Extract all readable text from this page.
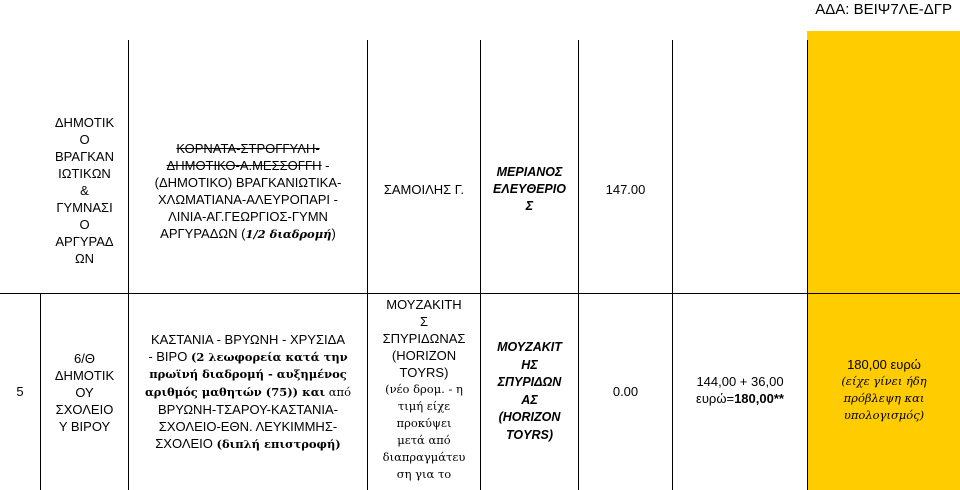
ΑΔΑ: ΒΕΙΨ7ΛΕ-ΔΓΡ
ΔΗΜΟΤΙΚ
Ο
ΒΡΑΓΚΑΝ
ΙΩΤΙΚΩΝ
&
ΓΥΜΝΑΣΙ
Ο
ΑΡΓΥΡΑΔ
ΩΝ
ΚΟΡΝΑΤΑ-ΣΤΡΟΓΓΥΛΗ-
ΔΗΜΟΤΙΚΟ-Α.ΜΕΣΣΟΓΓΗ -
(ΔΗΜΟΤΙΚΟ) ΒΡΑΓΚΑΝΙΩΤΙΚΑ-
ΧΛΩΜΑΤΙΑΝΑ-ΑΛΕΥΡΟΠΑΡΙ -
ΛΙΝΙΑ-ΑΓ.ΓΕΩΡΓΙΟΣ-ΓΥΜΝ
ΑΡΓΥΡΑΔΩΝ (1/2 διαδρομή)
ΣΑΜΟΙΛΗΣ Γ.
ΜΕΡΙΑΝΟΣ
ΕΛΕΥΘΕΡΙΟ
Σ
147.00
5
6/Θ
ΔΗΜΟΤΙΚ
ΟΥ
ΣΧΟΛΕΙΟ
Υ ΒΙΡΟΥ
ΚΑΣΤΑΝΙΑ - ΒΡΥΩΝΗ - ΧΡΥΣΙΔΑ
- ΒΙΡΟ (2 λεωφορεία κατά την
πρωϊνή διαδρομή - αυξημένος
αριθμός μαθητών (75)) και από
ΒΡΥΩΝΗ-ΤΣΑΡΟΥ-ΚΑΣΤΑΝΙΑ-
ΣΧΟΛΕΙΟ-ΕΘΝ. ΛΕΥΚΙΜΜΗΣ-
ΣΧΟΛΕΙΟ (διπλή επιστροφή)
ΜΟΥΖΑΚΙΤΗ
Σ
ΣΠΥΡΙΔΩΝΑΣ
(HORIZON
TOYRS)
(νέο δρομ. - η
τιμή είχε
προκύψει
μετά από
διαπραγμάτευ
ση για το
ΜΟΥΖΑΚΙΤ
ΗΣ
ΣΠΥΡΙΔΩΝ
ΑΣ
(HORIZON
TOYRS)
0.00
144,00 + 36,00
ευρώ=180,00**
180,00 ευρώ
(είχε γίνει ήδη
πρόβλεψη και
υπολογισμός)
